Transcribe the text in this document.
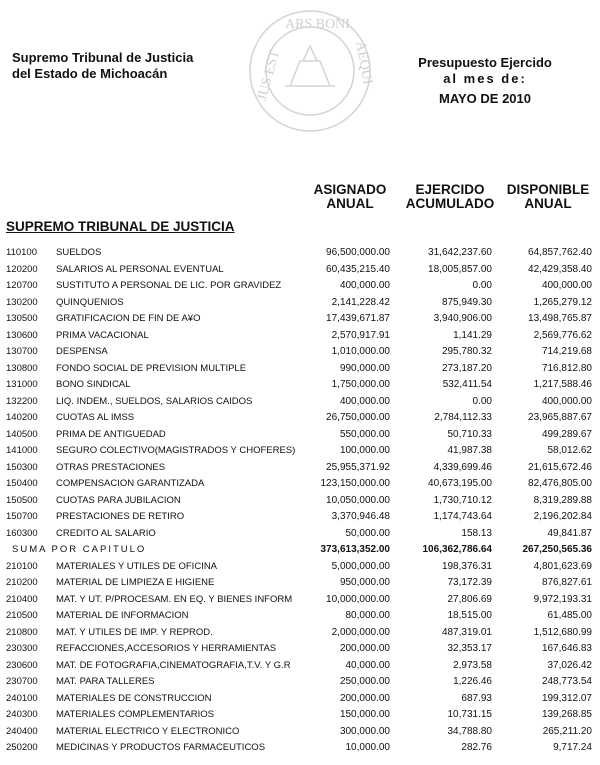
Supremo Tribunal de Justicia
del Estado de Michoacán
ARS BONI
JUS EST	AEQUI	Presupuesto Ejercido
al mes de:
MAYO DE 2010
ASIGNADO
ANUAL
EJERCIDO
ACUMULADO
DISPONIBLE
ANUAL
SUPREMO TRIBUNAL DE JUSTICIA
110100 SUELDOS	96,500,000.00	31,642,237.60	64,857,762.40
120200 SALARIOS AL PERSONAL EVENTUAL	60,435,215.40	18,005,857.00	42,429,358.40
120700 SUSTITUTO A PERSONAL DE LIC. POR GRAVIDEZ	400,000.00	0.00	400,000.00
130200 QUINQUENIOS	2,141,228.42	875,949.30	1,265,279.12
130500 GRATIFICACION DE FIN DE A¥O	17,439,671.87	3,940,906.00	13,498,765.87
130600 PRIMA VACACIONAL	2,570,917.91	1,141.29	2,569,776.62
130700 DESPENSA	1,010,000.00	295,780.32	714,219.68
130800 FONDO SOCIAL DE PREVISION MULTIPLE	990,000.00	273,187.20	716,812.80
131000 BONO SINDICAL	1,750,000.00	532,411.54	1,217,588.46
132200 LIQ. INDEM., SUELDOS, SALARIOS CAIDOS	400,000.00	0.00	400,000.00
140200 CUOTAS AL IMSS	26,750,000.00	2,784,112.33	23,965,887.67
140500 PRIMA DE ANTIGUEDAD	550,000.00	50,710.33	499,289.67
141000 SEGURO COLECTIVO(MAGISTRADOS Y CHOFERES)	100,000.00	41,987.38	58,012.62
150300 OTRAS PRESTACIONES	25,955,371.92	4,339,699.46	21,615,672.46
150400 COMPENSACION GARANTIZADA	123,150,000.00	40,673,195.00	82,476,805.00
150500 CUOTAS PARA JUBILACION	10,050,000.00	1,730,710.12	8,319,289.88
150700 PRESTACIONES DE RETIRO	3,370,946.48	1,174,743.64	2,196,202.84
160300 CREDITO AL SALARIO	50,000.00	158.13	49,841.87
SUMA POR CAPITULO	373,613,352.00	106,362,786.64	267,250,565.36
210100 MATERIALES Y UTILES DE OFICINA	5,000,000.00	198,376.31	4,801,623.69
210200 MATERIAL DE LIMPIEZA E HIGIENE	950,000.00	73,172.39	876,827.61
210400 MAT. Y UT. P/PROCESAM. EN EQ. Y BIENES INFORM	10,000,000.00	27,806.69	9,972,193.31
210500 MATERIAL DE INFORMACION	80,000.00	18,515.00	61,485.00
210800 MAT. Y UTILES DE IMP. Y REPROD.	2,000,000.00	487,319.01	1,512,680.99
230300 REFACCIONES,ACCESORIOS Y HERRAMIENTAS	200,000.00	32,353.17	167,646.83
230600 MAT. DE FOTOGRAFIA,CINEMATOGRAFIA,T.V. Y G.R	40,000.00	2,973.58	37,026.42
230700 MAT. PARA TALLERES	250,000.00	1,226.46	248,773.54
240100 MATERIALES DE CONSTRUCCION	200,000.00	687.93	199,312.07
240300 MATERIALES COMPLEMENTARIOS	150,000.00	10,731.15	139,268.85
240400 MATERIAL ELECTRICO Y ELECTRONICO	300,000.00	34,788.80	265,211.20
250200 MEDICINAS Y PRODUCTOS FARMACEUTICOS	10,000.00	282.76	9,717.24
